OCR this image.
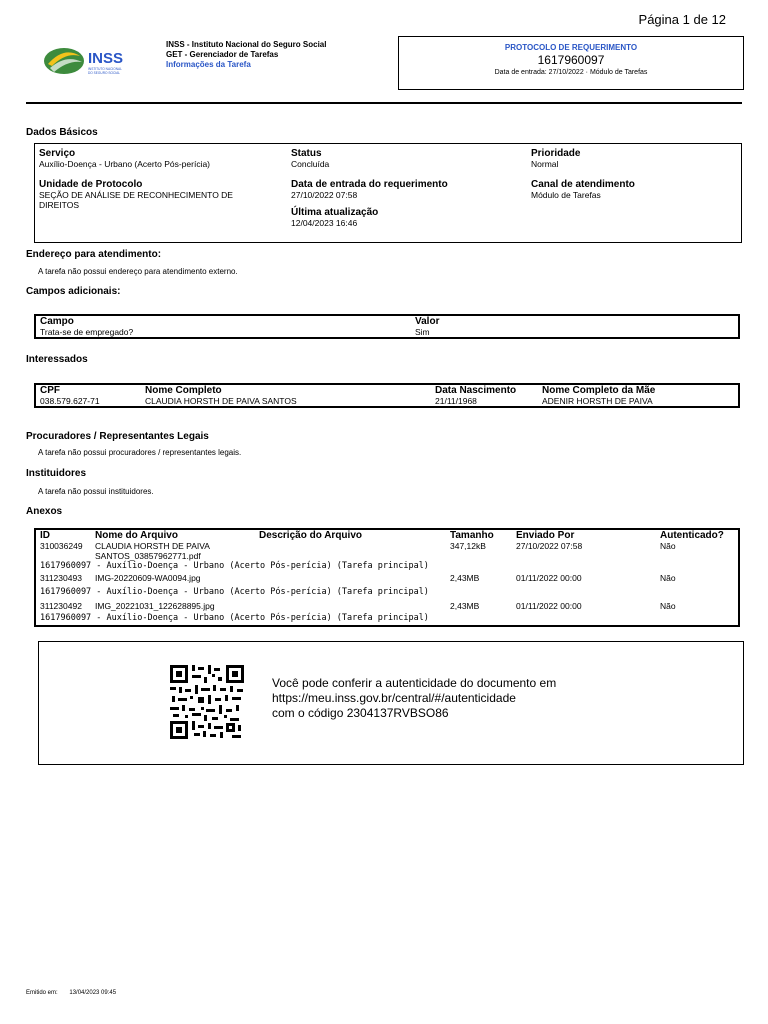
Página 1 de 12
INSS
INSTITUTO NACIONAL
DO SEGURO SOCIAL
INSS - Instituto Nacional do Seguro Social
GET - Gerenciador de Tarefas
Informações da Tarefa
PROTOCOLO DE REQUERIMENTO
1617960097
Data de entrada: 27/10/2022 · Módulo de Tarefas
Dados Básicos
Serviço
Auxílio-Doença - Urbano (Acerto Pós-perícia)
Status
Concluída
Prioridade
Normal
Unidade de Protocolo
SEÇÃO DE ANÁLISE DE RECONHECIMENTO DE DIREITOS
Data de entrada do requerimento
27/10/2022 07:58
Canal de atendimento
Módulo de Tarefas
Última atualização
12/04/2023 16:46
Endereço para atendimento:
A tarefa não possui endereço para atendimento externo.
Campos adicionais:
Campo	Valor
Trata-se de empregado?	Sim
Interessados
CPF	Nome Completo	Data Nascimento	Nome Completo da Mãe
038.579.627-71	CLAUDIA HORSTH DE PAIVA SANTOS	21/11/1968	ADENIR HORSTH DE PAIVA
Procuradores / Representantes Legais
A tarefa não possui procuradores / representantes legais.
Instituidores
A tarefa não possui instituidores.
Anexos
ID	Nome do Arquivo	Descrição do Arquivo	Tamanho	Enviado Por	Autenticado?
310036249	CLAUDIA HORSTH DE PAIVA SANTOS_03857962771.pdf		347,12kB	27/10/2022 07:58	Não
1617960097 - Auxílio-Doença - Urbano (Acerto Pós-perícia) (Tarefa principal)					
311230493	IMG-20220609-WA0094.jpg		2,43MB	01/11/2022 00:00	Não
1617960097 - Auxílio-Doença - Urbano (Acerto Pós-perícia) (Tarefa principal)					
311230492	IMG_20221031_122628895.jpg		2,43MB	01/11/2022 00:00	Não
1617960097 - Auxílio-Doença - Urbano (Acerto Pós-perícia) (Tarefa principal)					
Você pode conferir a autenticidade do documento em
https://meu.inss.gov.br/central/#/autenticidade
com o código 2304137RVBSO86
Emitido em: 13/04/2023 09:45
